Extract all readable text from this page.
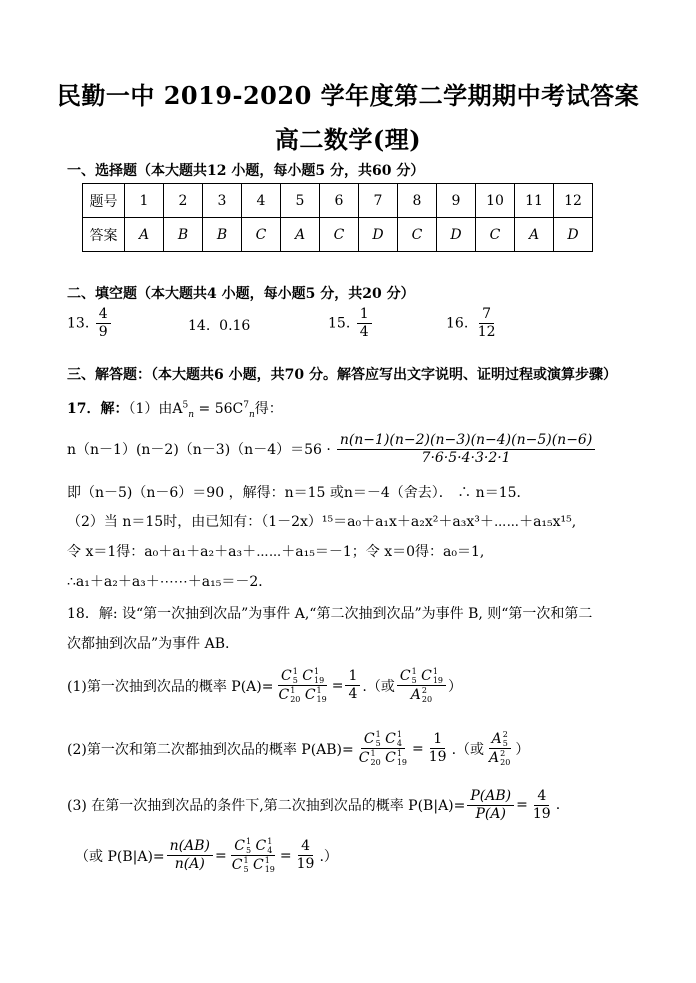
民勤一中 2019-2020 学年度第二学期期中考试答案
高二数学(理)
一、选择题（本大题共12 小题，每小题5 分，共60 分）
题号	1	2	3	4	5	6	7	8	9	10	11	12
答案	A	B	B	C	A	C	D	C	D	C	A	D
二、填空题（本大题共4 小题，每小题5 分，共20 分）
13. $\frac{4}{9}$	14. 0.16	15. $\frac{1}{4}$	16. $\frac{7}{12}$
三、解答题：（本大题共6 小题，共70 分。解答应写出文字说明、证明过程或演算步骤）
17．解：（1）由$A^5_n = 56C^7_n$得：
$n(n-1)(n-2)(n-3)(n-4)=56 \cdot \frac{n(n-1)(n-2)(n-3)(n-4)(n-5)(n-6)}{7\cdot 6\cdot 5\cdot 4\cdot 3\cdot 2\cdot 1}$
即（n－5)（n－6）＝90 ，解得：n＝15 或n＝－4（舍去）． ∴ n＝15．
（2）当 n＝15时，由已知有：（1－2x）¹⁵＝a₀＋a₁x＋a₂x²＋a₃x³＋⋯⋯＋a₁₅x¹⁵,
令 x＝1得：a₀＋a₁＋a₂＋a₃＋⋯⋯＋a₁₅＝－1；令 x＝0得：a₀＝1,
∴a₁＋a₂＋a₃＋⋯⋯＋a₁₅＝－2．
18．解: 设“第一次抽到次品”为事件 A,“第二次抽到次品”为事件 B, 则“第一次和第二
次都抽到次品”为事件 AB.
(1)第一次抽到次品的概率 P(A)= C 1
5
C 1
19
C 1
20
C 1
$19 = \frac{1}{4}$ .（或 C 1
5
C 1
19
A 2
20 ）
(2)第一次和第二次都抽到次品的概率 P(AB)= C 1
5
C 1
4
C 1
20
C 1
$19 = \frac{1}{19}$ .（或 A 2
5
A 2
20 ）
(3) 在第一次抽到次品的条件下,第二次抽到次品的概率 $P(B|A)= \frac{P(AB)}{P(A)} = \frac{4}{19}$ .
（或 $P(B|A)= \frac{n(AB)}{n(A)} = C$ 1
5
C 1
4
C 1
5
C 1
$19 = \frac{4}{19}$ .）
